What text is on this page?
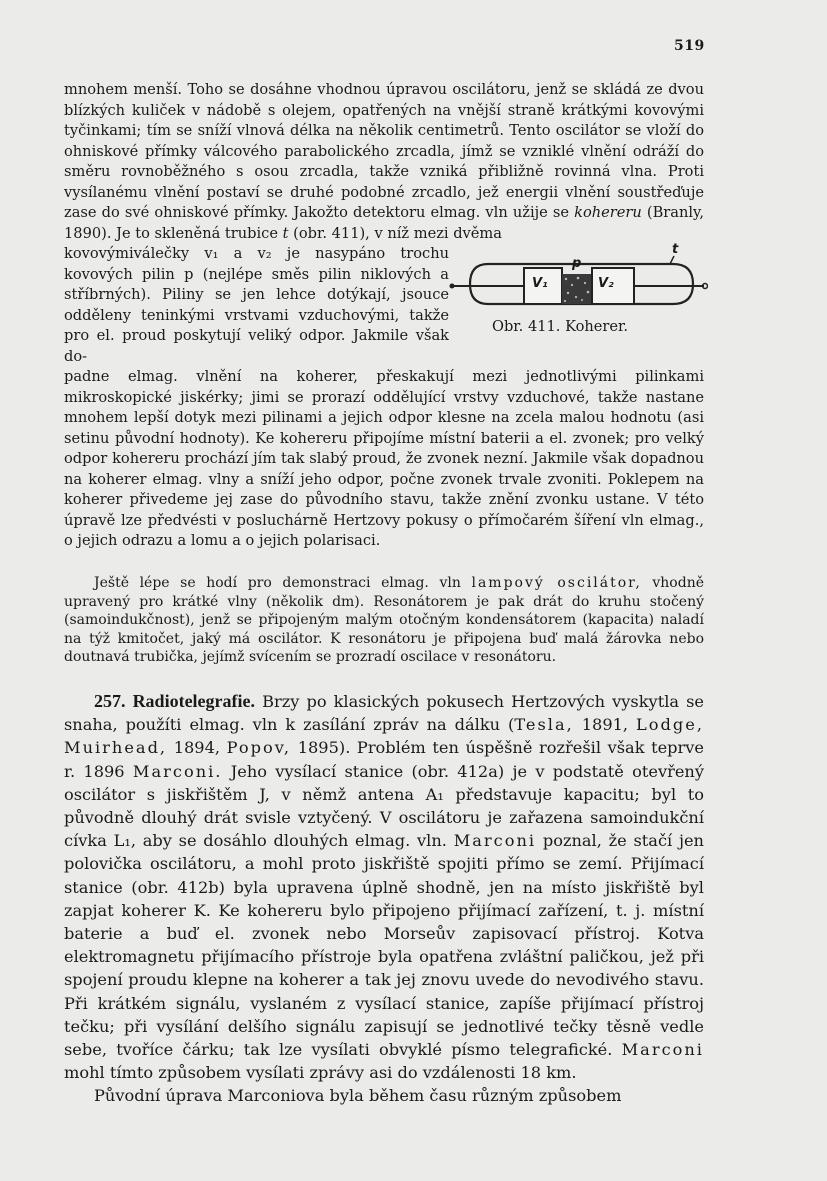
519

mnohem menší. Toho se dosáhne vhodnou úpravou oscilátoru, jenž se skládá ze dvou blízkých kuliček v nádobě s olejem, opatřených na vnější straně krátkými kovovými tyčinkami; tím se sníží vlnová délka na několik centimetrů. Tento oscilátor se vloží do ohniskové přímky válcového parabolického zrcadla, jímž se vzniklé vlnění odráží do směru rovnoběžného s osou zrcadla, takže vzniká přibližně rovinná vlna. Proti vysílanému vlnění postaví se druhé podobné zrcadlo, jež energii vlnění soustřeďuje zase do své ohniskové přímky. Jakožto detektoru elmag. vln užije se kohereru (Branly, 1890). Je to skleněná trubice t (obr. 411), v níž mezi dvěma

kovovýmiválečky v₁ a v₂ je nasypáno trochu kovových pilin p (nejlépe směs pilin niklových a stříbrných). Piliny se jen lehce dotýkají, jsouce odděleny teninkými vrstvami vzduchovými, takže pro el. proud poskytují veliký odpor. Jakmile však do-

padne elmag. vlnění na koherer, přeskakují mezi jednotlivými pilinkami mikroskopické jiskérky; jimi se prorazí oddělující vrstvy vzduchové, takže nastane mnohem lepší dotyk mezi pilinami a jejich odpor klesne na zcela malou hodnotu (asi setinu původní hodnoty). Ke kohereru připojíme místní baterii a el. zvonek; pro velký odpor kohereru prochází jím tak slabý proud, že zvonek nezní. Jakmile však dopadnou na koherer elmag. vlny a sníží jeho odpor, počne zvonek trvale zvoniti. Poklepem na koherer přivedeme jej zase do původního stavu, takže znění zvonku ustane. V této úpravě lze předvésti v posluchárně Hertzovy pokusy o přímočarém šíření vln elmag., o jejich odrazu a lomu a o jejich polarisaci.

V₁	V₂
p
t
Obr. 411. Koherer.

Ještě lépe se hodí pro demonstraci elmag. vln lampový oscilátor, vhodně upravený pro krátké vlny (několik dm). Resonátorem je pak drát do kruhu stočený (samoindukčnost), jenž se připojeným malým otočným kondensátorem (kapacita) naladí na týž kmitočet, jaký má oscilátor. K resonátoru je připojena buď malá žárovka nebo doutnavá trubička, jejímž svícením se prozradí oscilace v resonátoru.

257. Radiotelegrafie. Brzy po klasických pokusech Hertzových vyskytla se snaha, použíti elmag. vln k zasílání zpráv na dálku (Tesla, 1891, Lodge, Muirhead, 1894, Popov, 1895). Problém ten úspěšně rozřešil však teprve r. 1896 Marconi. Jeho vysílací stanice (obr. 412a) je v podstatě otevřený oscilátor s jiskřištěm J, v němž antena A₁ představuje kapacitu; byl to původně dlouhý drát svisle vztyčený. V oscilátoru je zařazena samoindukční cívka L₁, aby se dosáhlo dlouhých elmag. vln. Marconi poznal, že stačí jen polovička oscilátoru, a mohl proto jiskřiště spojiti přímo se zemí. Přijímací stanice (obr. 412b) byla upravena úplně shodně, jen na místo jiskřiště byl zapjat koherer K. Ke kohereru bylo připojeno přijímací zařízení, t. j. místní baterie a buď el. zvonek nebo Morseův zapisovací přístroj. Kotva elektromagnetu přijímacího přístroje byla opatřena zvláštní paličkou, jež při spojení proudu klepne na koherer a tak jej znovu uvede do nevodivého stavu. Při krátkém signálu, vyslaném z vysílací stanice, zapíše přijímací přístroj tečku; při vysílání delšího signálu zapisují se jednotlivé tečky těsně vedle sebe, tvoříce čárku; tak lze vysílati obvyklé písmo telegrafické. Marconi mohl tímto způsobem vysílati zprávy asi do vzdálenosti 18 km.

Původní úprava Marconiova byla během času různým způsobem
